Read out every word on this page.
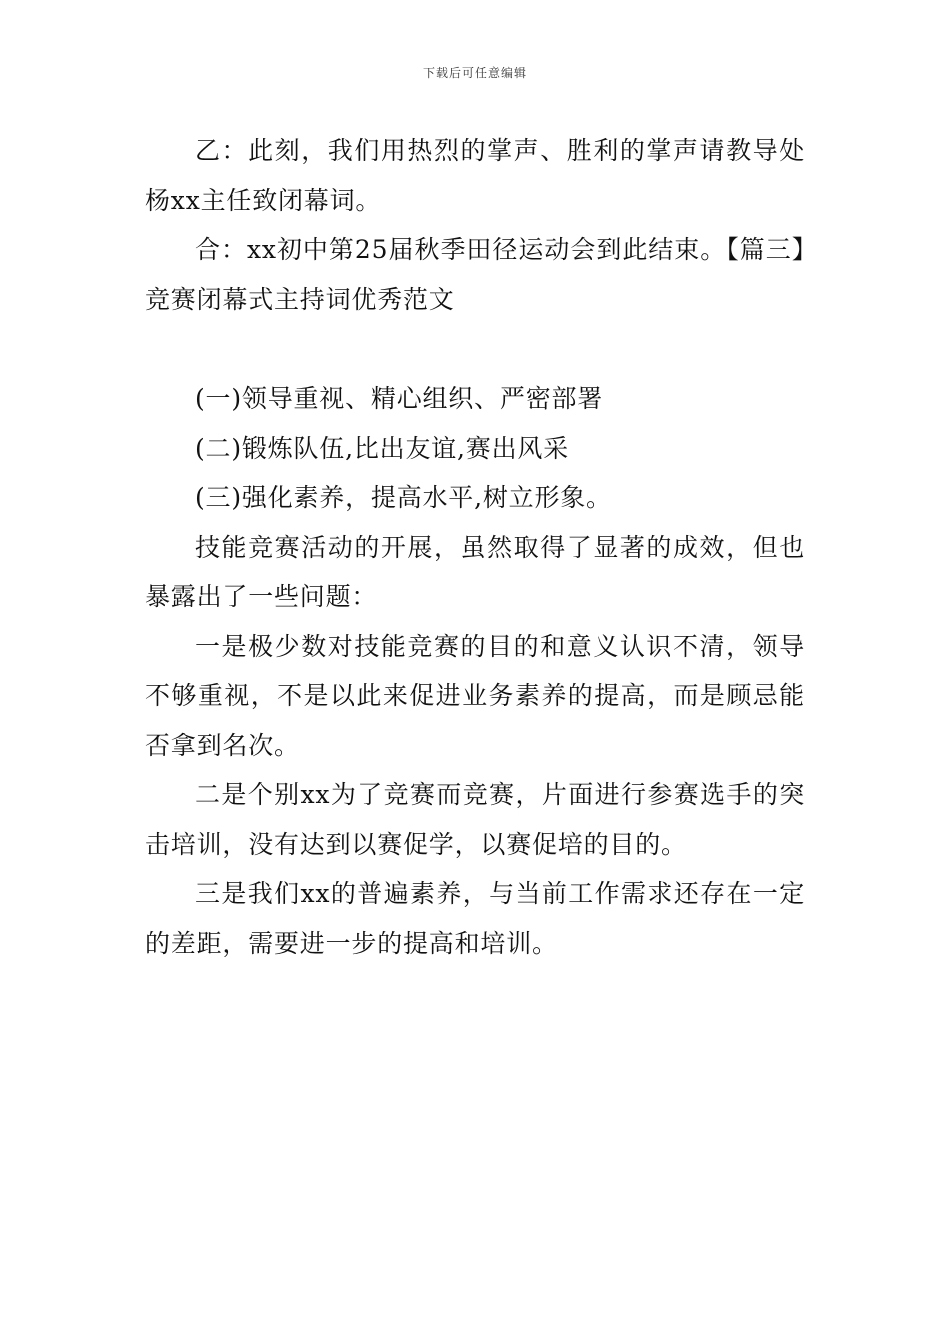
下载后可任意编辑

乙：此刻，我们用热烈的掌声、胜利的掌声请教导处杨xx主任致闭幕词。

合：xx初中第25届秋季田径运动会到此结束。【篇三】竞赛闭幕式主持词优秀范文

(一)领导重视、精心组织、严密部署

(二)锻炼队伍,比出友谊,赛出风采

(三)强化素养，提高水平,树立形象。

技能竞赛活动的开展，虽然取得了显著的成效，但也暴露出了一些问题：

一是极少数对技能竞赛的目的和意义认识不清，领导不够重视，不是以此来促进业务素养的提高，而是顾忌能否拿到名次。

二是个别xx为了竞赛而竞赛，片面进行参赛选手的突击培训，没有达到以赛促学，以赛促培的目的。

三是我们xx的普遍素养，与当前工作需求还存在一定的差距，需要进一步的提高和培训。
